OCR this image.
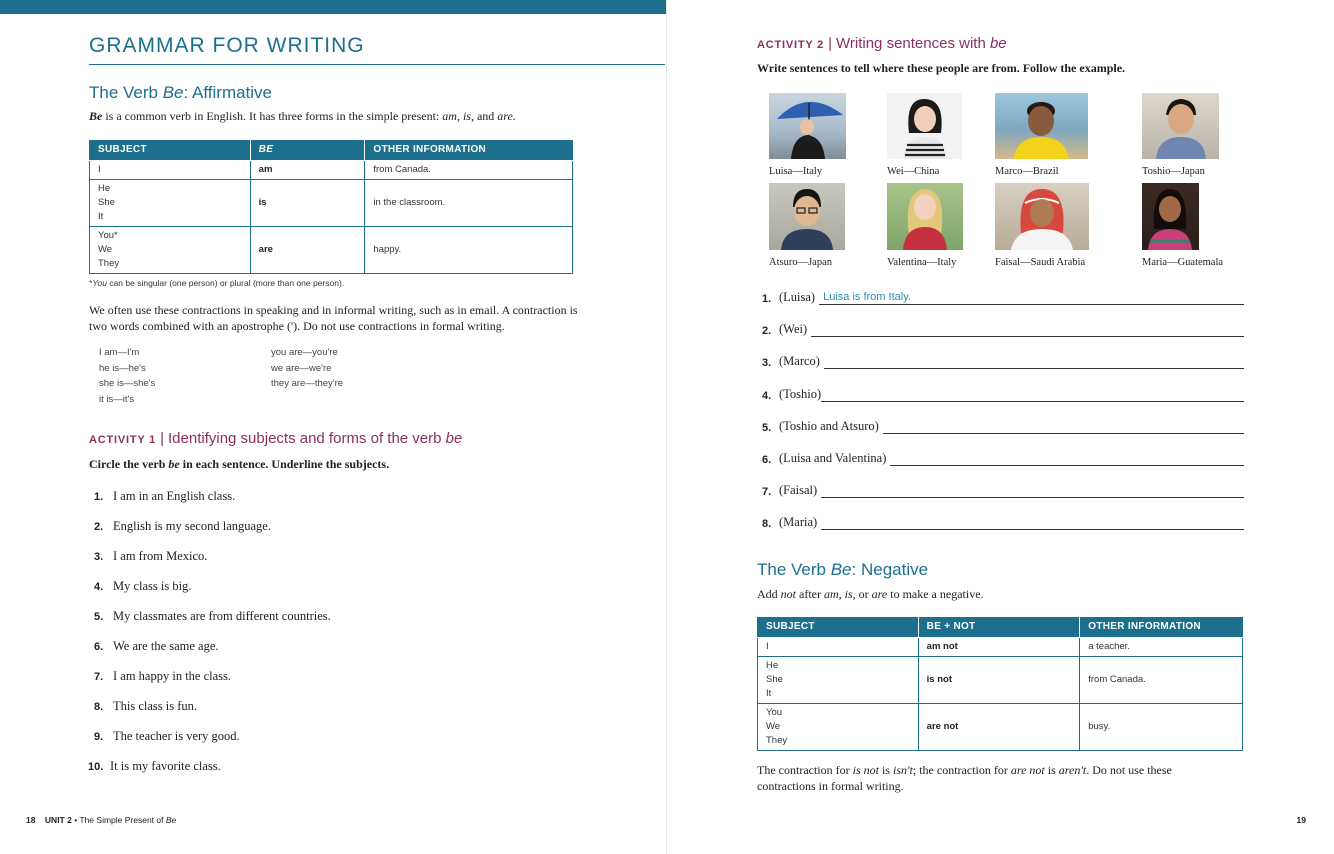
GRAMMAR FOR WRITING
The Verb Be: Affirmative
Be is a common verb in English. It has three forms in the simple present: am, is, and are.
SUBJECT	BE	OTHER INFORMATION
I	am	from Canada.
He
She
It	is	in the classroom.
You*
We
They	are	happy.
*You can be singular (one person) or plural (more than one person).
We often use these contractions in speaking and in informal writing, such as in email. A contraction is two words combined with an apostrophe ('). Do not use contractions in formal writing.
I am—I'm
he is—he's
she is—she's
it is—it's
you are—you're
we are—we're
they are—they're
ACTIVITY 1 | Identifying subjects and forms of the verb be
Circle the verb be in each sentence. Underline the subjects.
1. I am in an English class.
2. English is my second language.
3. I am from Mexico.
4. My class is big.
5. My classmates are from different countries.
6. We are the same age.
7. I am happy in the class.
8. This class is fun.
9. The teacher is very good.
10. It is my favorite class.
18 UNIT 2 • The Simple Present of Be
ACTIVITY 2 | Writing sentences with be
Write sentences to tell where these people are from. Follow the example.
Luisa—Italy	Wei—China	Marco—Brazil	Toshio—Japan
Atsuro—Japan	Valentina—Italy	Faisal—Saudi Arabia	Maria—Guatemala
1. (Luisa) Luisa is from Italy.
2. (Wei)
3. (Marco)
4. (Toshio)
5. (Toshio and Atsuro)
6. (Luisa and Valentina)
7. (Faisal)
8. (Maria)
The Verb Be: Negative
Add not after am, is, or are to make a negative.
SUBJECT	BE + NOT	OTHER INFORMATION
I	am not	a teacher.
He
She
It	is not	from Canada.
You
We
They	are not	busy.
The contraction for is not is isn't; the contraction for are not is aren't. Do not use these contractions in formal writing.
19
